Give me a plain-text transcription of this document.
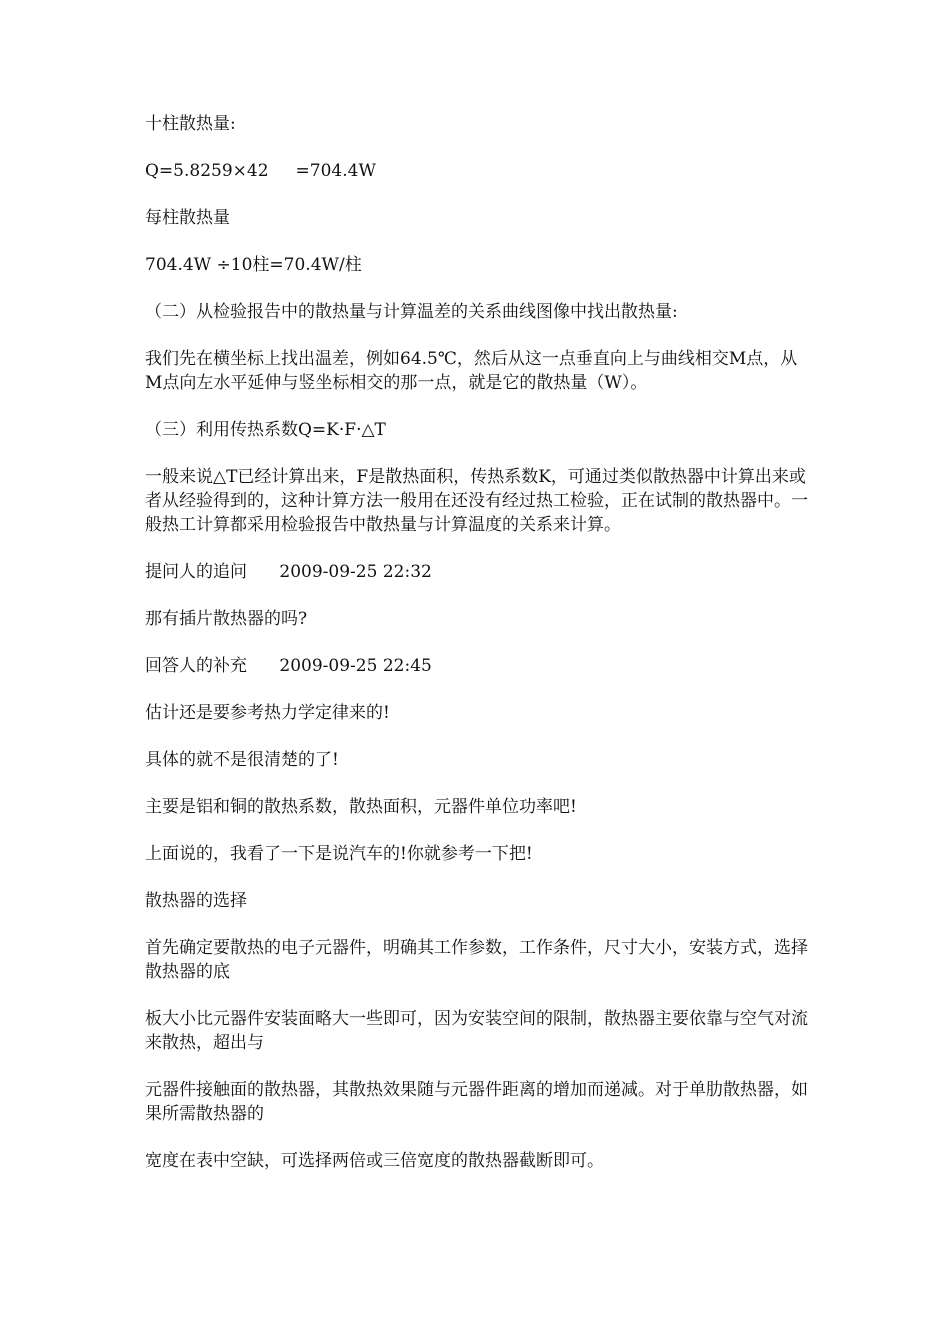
十柱散热量:

Q=5.8259×42     =704.4W

每柱散热量

704.4W ÷10柱=70.4W/柱

（二）从检验报告中的散热量与计算温差的关系曲线图像中找出散热量:

我们先在横坐标上找出温差，例如64.5℃，然后从这一点垂直向上与曲线相交M点，从M点向左水平延伸与竖坐标相交的那一点，就是它的散热量（W）。

（三）利用传热系数Q=K·F·△T

一般来说△T已经计算出来，F是散热面积，传热系数K，可通过类似散热器中计算出来或者从经验得到的，这种计算方法一般用在还没有经过热工检验，正在试制的散热器中。一般热工计算都采用检验报告中散热量与计算温度的关系来计算。

提问人的追问      2009-09-25 22:32

那有插片散热器的吗?

回答人的补充      2009-09-25 22:45

估计还是要参考热力学定律来的!

具体的就不是很清楚的了!

主要是铝和铜的散热系数，散热面积，元器件单位功率吧!

上面说的，我看了一下是说汽车的!你就参考一下把!

散热器的选择

首先确定要散热的电子元器件，明确其工作参数，工作条件，尺寸大小，安装方式，选择散热器的底

板大小比元器件安装面略大一些即可，因为安装空间的限制，散热器主要依靠与空气对流来散热，超出与

元器件接触面的散热器，其散热效果随与元器件距离的增加而递减。对于单肋散热器，如果所需散热器的

宽度在表中空缺，可选择两倍或三倍宽度的散热器截断即可。
